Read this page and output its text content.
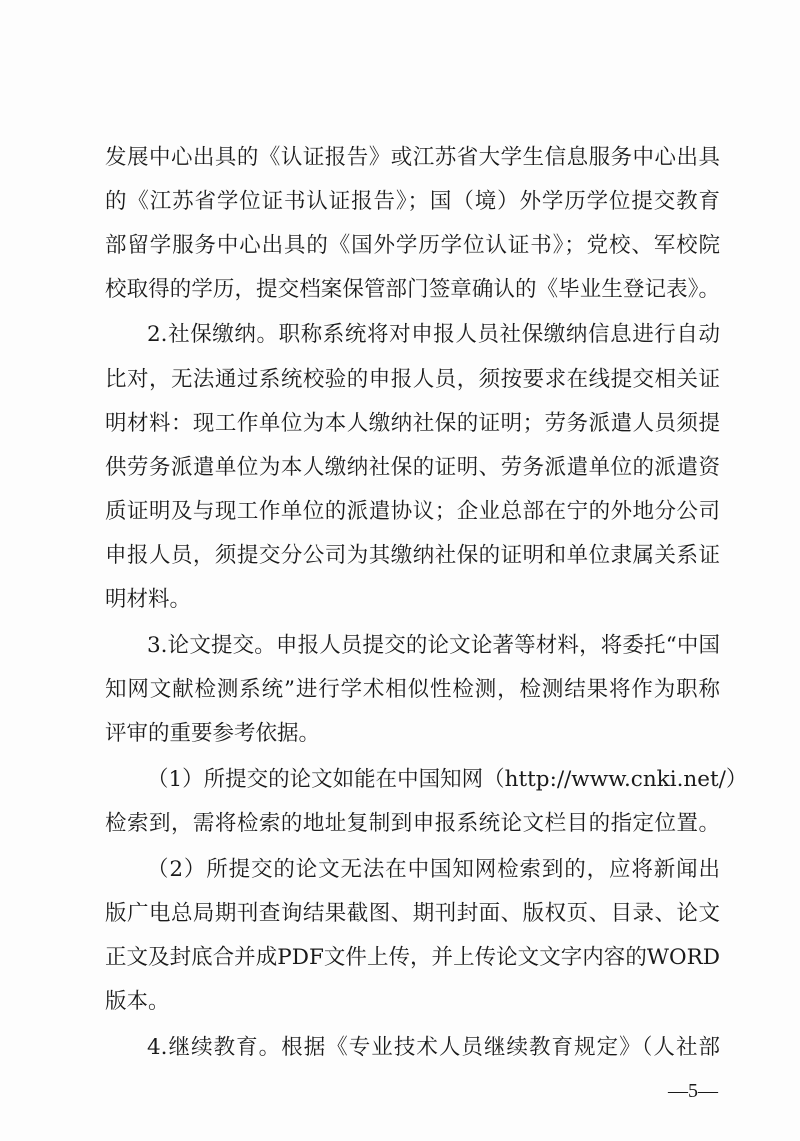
发展中心出具的《认证报告》或江苏省大学生信息服务中心出具
的《江苏省学位证书认证报告》；国（境）外学历学位提交教育
部留学服务中心出具的《国外学历学位认证书》；党校、军校院
校取得的学历，提交档案保管部门签章确认的《毕业生登记表》。
2.社保缴纳。职称系统将对申报人员社保缴纳信息进行自动
比对，无法通过系统校验的申报人员，须按要求在线提交相关证
明材料：现工作单位为本人缴纳社保的证明；劳务派遣人员须提
供劳务派遣单位为本人缴纳社保的证明、劳务派遣单位的派遣资
质证明及与现工作单位的派遣协议；企业总部在宁的外地分公司
申报人员，须提交分公司为其缴纳社保的证明和单位隶属关系证
明材料。
3.论文提交。申报人员提交的论文论著等材料，将委托“中国
知网文献检测系统”进行学术相似性检测，检测结果将作为职称
评审的重要参考依据。
（1）所提交的论文如能在中国知网（http://www.cnki.net/）
检索到，需将检索的地址复制到申报系统论文栏目的指定位置。
（2）所提交的论文无法在中国知网检索到的，应将新闻出
版广电总局期刊查询结果截图、期刊封面、版权页、目录、论文
正文及封底合并成PDF文件上传，并上传论文文字内容的WORD
版本。
4.继续教育。根据《专业技术人员继续教育规定》（人社部
—5—
